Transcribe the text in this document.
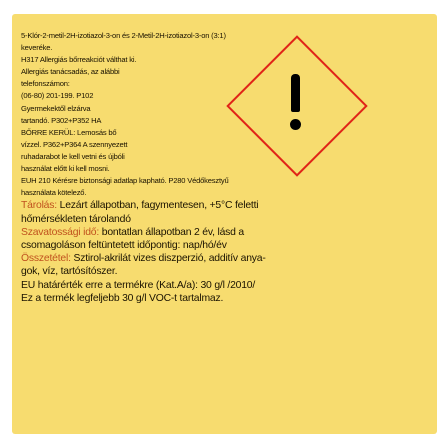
5-Klór-2-metil-2H-izotiazol-3-on és 2-Metil-2H-izotiazol-3-on (3:1)
keveréke.
H317 Allergiás bőrreakciót válthat ki.
Allergiás tanácsadás, az alábbi
telefonszámon:
(06-80) 201-199. P102
Gyermekektől elzárva
tartandó. P302+P352 HA
BŐRRE KERÜL: Lemosás bő
vízzel. P362+P364 A szennyezett
ruhadarabot le kell vetni és újbóli
használat előtt ki kell mosni.
EUH 210 Kérésre biztonsági adatlap kapható. P280 Védőkesztyű
használata kötelező.
Tárolás: Lezárt állapotban, fagymentesen, +5°C feletti
hőmérsékleten tárolandó
Szavatossági idő: bontatlan állapotban 2 év, lásd a
csomagoláson feltüntetett időpontig: nap/hó/év
Összetétel: Sztirol-akrilát vizes diszperzió, additív anya-
gok, víz, tartósítószer.
EU határérték erre a termékre (Kat.A/a): 30 g/l /2010/
Ez a termék legfeljebb 30 g/l VOC-t tartalmaz.
